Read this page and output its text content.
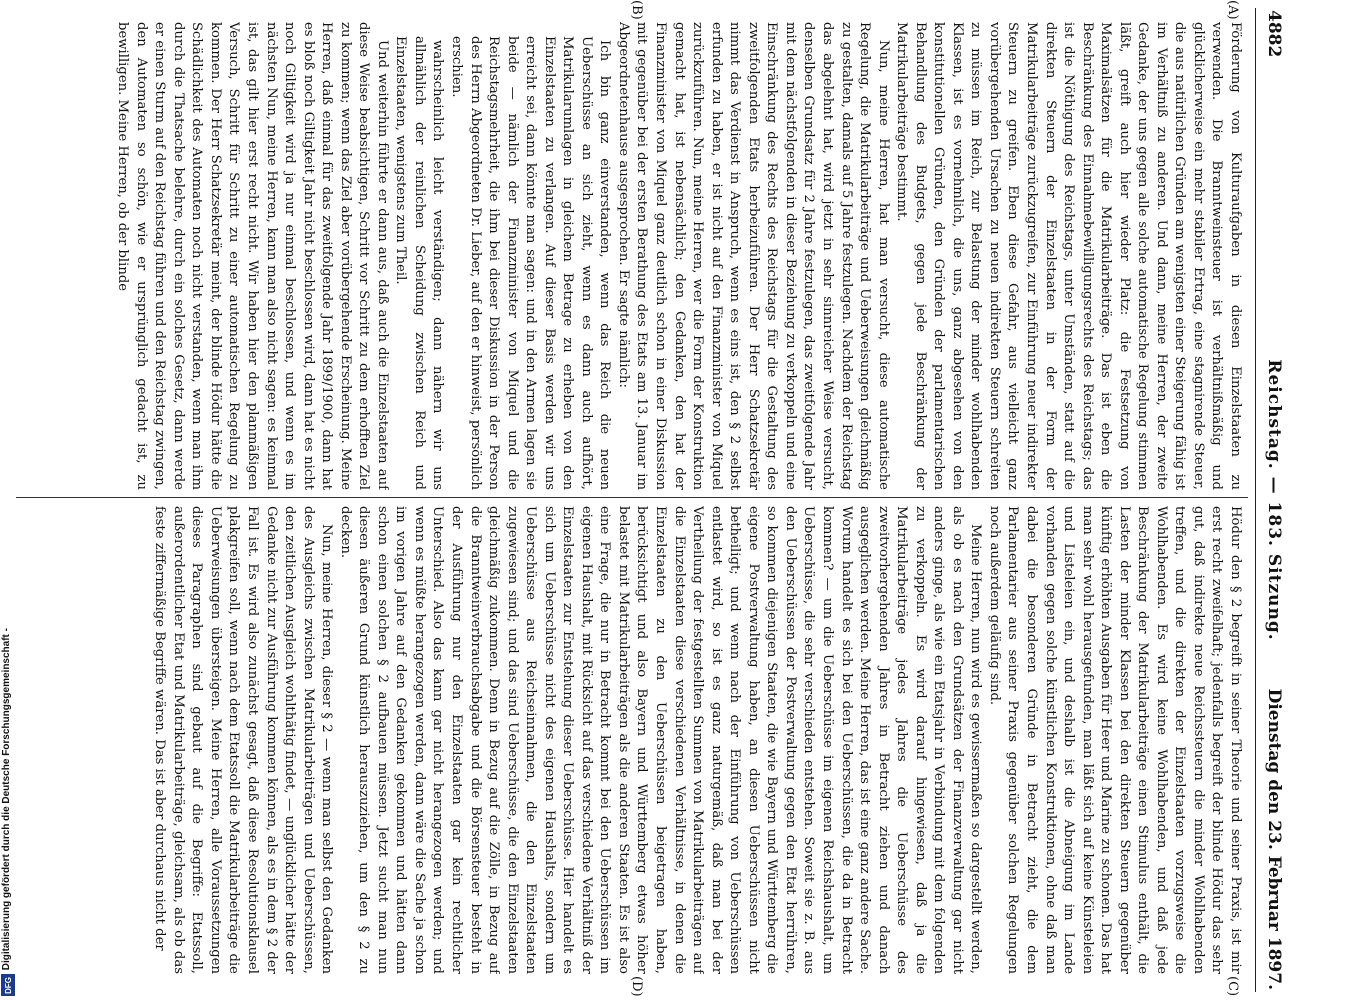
4882
Reichstag. — 183. Sitzung.
Dienstag den 23. Februar 1897.
(A)
(B)
(C)
(D)

Förderung von Kulturaufgaben in diesen Einzelstaaten zu verwenden. Die Branntweinsteuer ist verhältnißmäßig und glücklicherweise ein mehr stabiler Ertrag, eine stagnirende Steuer, die aus natürlichen Gründen am wenigsten einer Steigerung fähig ist im Verhältniß zu anderen. Und dann, meine Herren, der zweite Gedanke, der uns gegen alle solche automatische Regelung stimmen läßt, greift auch hier wieder Platz: die Festsetzung von Maximalsätzen für die Matrikularbeiträge. Das ist eben die Beschränkung des Einnahmebewilligungsrechts des Reichstags; das ist die Nöthigung des Reichstags, unter Umständen, statt auf die direkten Steuern der Einzelstaaten in der Form der Matrikularbeiträge zurückzugreifen, zur Einführung neuer indirekter Steuern zu greifen. Eben diese Gefahr, aus vielleicht ganz vorübergehenden Ursachen zu neuen indirekten Steuern schreiten zu müssen im Reich, zur Belastung der minder wohlhabenden Klassen, ist es vornehmlich, die uns, ganz abgesehen von den konstitutionellen Gründen, den Gründen der parlamentarischen Behandlung des Budgets, gegen jede Beschränkung der Matrikularbeiträge bestimmt.

Nun, meine Herren, hat man versucht, diese automatische Regelung, die Matrikularbeiträge und Ueberweisungen gleichmäßig zu gestalten, damals auf 5 Jahre festzulegen. Nachdem der Reichstag das abgelehnt hat, wird jetzt in sehr sinnreicher Weise versucht, denselben Grundsatz für 2 Jahre festzulegen, das zweitfolgende Jahr mit dem nächstfolgenden in dieser Beziehung zu verkoppeln und eine Einschränkung des Rechts des Reichstags für die Gestaltung des zweitfolgenden Etats herbeizuführen. Der Herr Schatzsekretär nimmt das Verdienst in Anspruch, wenn es eins ist, den § 2 selbst erfunden zu haben, er ist nicht auf den Finanzminister von Miquel zurückzuführen. Nun, meine Herren, wer die Form der Konstruktion gemacht hat, ist nebensächlich; den Gedanken, den hat der Finanzminister von Miquel ganz deutlich schon in einer Diskussion mit gegenüber bei der ersten Berathung des Etats am 13. Januar im Abgeordnetenhause ausgesprochen. Er sagte nämlich:

Ich bin ganz einverstanden, wenn das Reich die neuen Ueberschüsse an sich zieht, wenn es dann auch aufhört, Matrikularumlagen in gleichem Betrage zu erheben von den Einzelstaaten zu verlangen. Auf dieser Basis werden wir uns erreicht sei, dann könnte man sagen: und in den Armen lagen sie beide — nämlich der Finanzminister von Miquel und die Reichstagsmehrheit, die ihm bei dieser Diskussion in der Person des Herrn Abgeordneten Dr. Lieber, auf den er hinweist, persönlich erschien.

wahrscheinlich leicht verständigen; dann nähern wir uns allmählich der reinlichen Scheidung zwischen Reich und Einzelstaaten, wenigstens zum Theil.

Und weiterhin führte er dann aus, daß auch die Einzelstaaten auf diese Weise beabsichtigen, Schritt vor Schritt zu dem erhofften Ziel zu kommen; wenn das Ziel aber vorübergehende Erscheinung. Meine Herren, daß einmal für das zweitfolgende Jahr 1899/1900, dann hat es bloß noch Giltigkeit Jahr nicht beschlossen wird, dann hat es nicht noch Giltigkeit wird ja nur einmal beschlossen, und wenn es im nächsten Nun, meine Herren, kann man also nicht sagen: es keinmal ist, das gilt hier erst recht nicht. Wir haben hier den planmäßigen Versuch, Schritt für Schritt zu einer automatischen Regelung zu kommen. Der Herr Schatzsekretär meint, der blinde Hödur hätte die Schädlichkeit des Automaten noch nicht verstanden, wenn man ihm durch die Thatsache belehre, durch ein solches Gesetz, dann werde er einen Sturm auf den Reichstag führen und den Reichstag zwingen, den Automaten so schön, wie er ursprünglich gedacht ist, zu bewilligen. Meine Herren, ob der blinde

Hödur den § 2 begreift in seiner Theorie und seiner Praxis, ist mir erst recht zweifelhaft; jedenfalls begreift der blinde Hödur das sehr gut, daß indirekte neue Reichssteuern die minder Wohlhabenden treffen, und die direkten der Einzelstaaten vorzugsweise die Wohlhabenden. Es wird keine Wohlhabenden, und daß jede Beschränkung der Matrikularbeiträge einen Stimulus enthält, die Lasten der minder Klassen bei den direkten Steuern gegenüber künftig erhöhten Ausgaben für Heer und Marine zu schonen. Das hat man sehr wohl herausgefunden, man läßt sich auf keine Künsteleien und Listeleien ein, und deshalb ist die Abneigung im Lande vorhanden gegen solche künstlichen Konstruktionen, ohne daß man dabei die besonderen Gründe in Betracht zieht, die dem Parlamentarier aus seiner Praxis gegenüber solchen Regelungen noch außerdem geläufig sind.

Meine Herren, nun wird es gewissermaßen so dargestellt werden, als ob es nach den Grundsätzen der Finanzverwaltung gar nicht anders ginge, als wie ein Etatsjahr in Verbindung mit dem folgenden zu verkoppeln. Es wird darauf hingewiesen, daß ja die Matrikularbeiträge jedes Jahres die Ueberschüsse des zweitvorhergehenden Jahres in Betracht ziehen und danach ausgeglichen werden. Meine Herren, das ist eine ganz andere Sache. Worum handelt es sich bei den Ueberschüssen, die da in Betracht kommen? — um die Ueberschüsse im eigenen Reichshaushalt, um Ueberschüsse, die sehr verschieden entstehen. Soweit sie z. B. aus den Ueberschüssen der Postverwaltung gegen den Etat herrühren, so kommen diejenigen Staaten, die wie Bayern und Württemberg die eigene Postverwaltung haben, an diesen Ueberschüssen nicht betheiligt; und wenn nach der Einführung von Ueberschüssen entlastet wird, so ist es ganz naturgemäß, daß man bei der Vertheilung der festgestellten Summen von Matrikularbeiträgen auf die Einzelstaaten diese verschiedenen Verhältnisse, in denen die Einzelstaaten zu den Ueberschüssen beigetragen haben, berücksichtigt und also Bayern und Württemberg etwas höher belastet mit Matrikularbeiträgen als die anderen Staaten. Es ist also eine Frage, die nur in Betracht kommt bei den Ueberschüssen im eigenen Haushalt, mit Rücksicht auf das verschiedene Verhältniß der Einzelstaaten zur Entstehung dieser Ueberschüsse. Hier handelt es sich um Ueberschüsse nicht des eigenen Haushalts, sondern um Ueberschüsse aus Reichseinnahmen, die den Einzelstaaten zugewiesen sind; und das sind Ueberschüsse, die den Einzelstaaten gleichmäßig zukommen. Denn in Bezug auf die Zölle, in Bezug auf die Branntweinverbrauchsabgabe und die Börsensteuer besteht in der Ausführung nur den Einzelstaaten gar kein rechtlicher Unterschied. Also das kann gar nicht herangezogen werden; und wenn es müßte herangezogen werden, dann wäre die Sache ja schon im vorigen Jahre auf den Gedanken gekommen und hätten dann schon einen solchen § 2 aufbauen müssen. Jetzt sucht man nun diesen äußeren Grund künstlich herauszuziehen, um den § 2 zu decken.

Nun, meine Herren, dieser § 2 — wenn man selbst den Gedanken des Ausgleichs zwischen Matrikularbeiträgen und Ueberschüssen, den zeitlichen Ausgleich wohlthätig findet, — unglücklicher hätte der Gedanke nicht zur Ausführung kommen können, als es in dem § 2 der Fall ist. Es wird also zunächst gesagt, daß diese Resolutionsklausel plakgreifen soll, wenn nach dem Etatssoll die Matrikularbeiträge die Ueberweisungen übersteigen. Meine Herren, alle Voraussetzungen dieses Paragraphen sind gebaut auf die Begriffe: Etatssoll, außerordentlicher Etat und Matrikularbeiträge, gleichsam, als ob das feste ziffermäßige Begriffe wären. Das ist aber durchaus nicht der

Digitalisierung gefördert durch die Deutsche Forschungsgemeinschaft -
DFG
